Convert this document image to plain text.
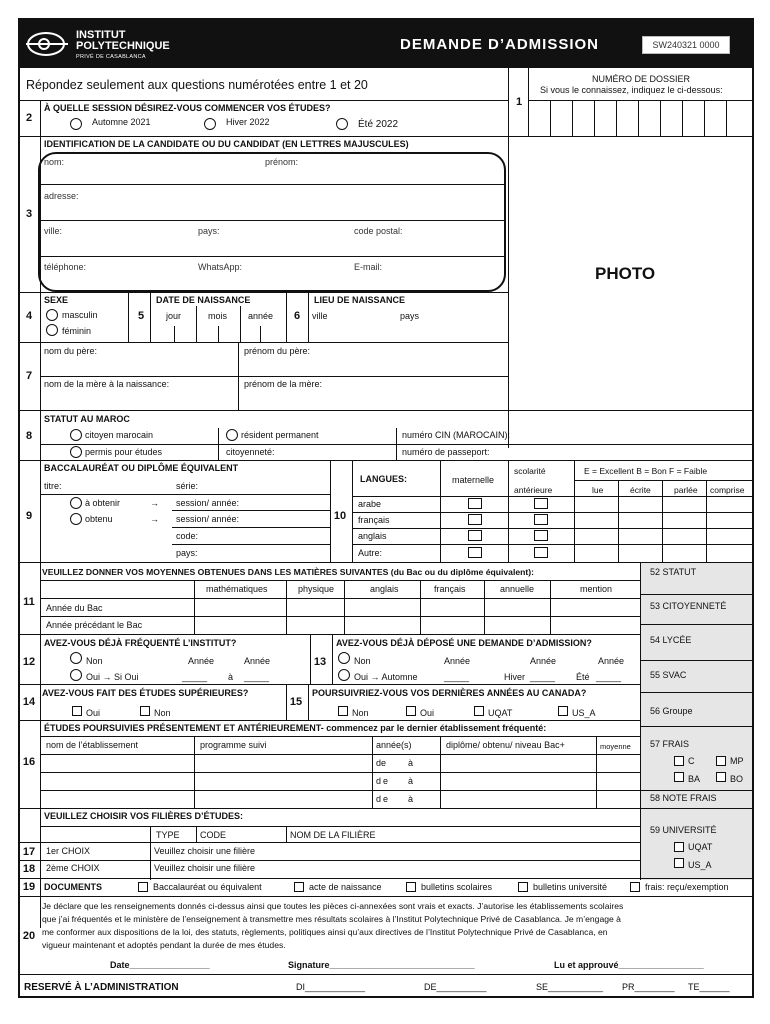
INSTITUT
POLYTECHNIQUE
PRIVÉ DE CASABLANCA
DEMANDE D’ADMISSION	SW240321 0000
Répondez seulement aux questions numérotées entre 1 et 20
1
NUMÉRO DE DOSSIER
Si vous le connaissez, indiquez le ci-dessous:
2
À QUELLE SESSION DÉSIREZ-VOUS COMMENCER VOS ÉTUDES?
Automne 2021	Hiver 2022	Été 2022
3
IDENTIFICATION DE LA CANDIDATE OU DU CANDIDAT (EN LETTRES MAJUSCULES)
nom:	prénom:
adresse:
ville:	pays:	code postal:
téléphone:	WhatsApp:	E-mail:	PHOTO
4
SEXE
masculin
féminin
5
DATE DE NAISSANCE
jour	mois année	6
LIEU DE NAISSANCE
ville	pays
7
nom du père:	prénom du père:
nom de la mère à la naissance:	prénom de la mère:
8
STATUT AU MAROC
citoyen marocain	résident permanent	numéro CIN (MAROCAIN):
permis pour études	citoyenneté:	numéro de passeport:
9
BACCALAURÉAT OU DIPLÔME ÉQUIVALENT
titre:	série:
à obtenir	→ session/ année:
obtenu	→ session/ année:
code:
pays:
10
LANGUES:	maternelle
scolarité
antérieure
E = Excellent B = Bon F = Faible
lue	écrite	parlée comprise
arabe
français
anglais
Autre:
52 STATUT
53 CITOYENNETÉ
54 LYCÉE
55 SVAC
56 Groupe
57 FRAIS
C	MP
BA	BO
58 NOTE FRAIS
59 UNIVERSITÉ
UQAT
US_A
11
VEUILLEZ DONNER VOS MOYENNES OBTENUES DANS LES MATIÈRES SUIVANTES (du Bac ou du diplôme équivalent):
mathématiques	physique	anglais	français	annuelle	mention
Année du Bac
Année précédant le Bac
12
AVEZ-VOUS DÉJÀ FRÉQUENTÉ L’INSTITUT?
Non	Année	Année
Oui → Si Oui	_____ à _____
13
AVEZ-VOUS DÉJÀ DÉPOSÉ UNE DEMANDE D’ADMISSION?
Non	Année	Année	Année
Oui → Automne	_____	Hiver _____ Été _____
14
AVEZ-VOUS FAIT DES ÉTUDES SUPÉRIEURES?
Oui	Non
15
POURSUIVRIEZ-VOUS VOS DERNIÈRES ANNÉES AU CANADA?
Non	Oui	UQAT	US_A
16
ÉTUDES POURSUIVIES PRÉSENTEMENT ET ANTÉRIEUREMENT- commencez par le dernier établissement fréquenté:
nom de l’établissement	programme suivi	année(s)	diplôme/ obtenu/ niveau Bac+	moyenne
de à
de à
de à
VEUILLEZ CHOISIR VOS FILIÈRES D’ÉTUDES:
TYPE CODE	NOM DE LA FILIÈRE
17	1er CHOIX	Veuillez choisir une filière
18	2ème CHOIX	Veuillez choisir une filière
19 DOCUMENTS	Baccalauréat ou équivalent	acte de naissance	bulletins scolaires	bulletins université	frais: reçu/exemption
20
Je déclare que les renseignements donnés ci-dessus ainsi que toutes les pièces ci-annexées sont vrais et exacts. J’autorise les établissements scolaires
que j’ai fréquentés et le ministère de l’enseignement à transmettre mes résultats scolaires à l’Institut Polytechnique Privé de Casablanca. Je m’engage à
me conformer aux dispositions de la loi, des statuts, règlements, politiques ainsi qu’aux directives de l’Institut Polytechnique Privé de Casablanca, en
vigueur maintenant et adoptés pendant la durée de mes études.
Date________________	Signature_____________________________	Lu et approuvé_________________
RESERVÉ À L’ADMINISTRATION	DI____________	DE__________	SE___________ PR________ TE______
